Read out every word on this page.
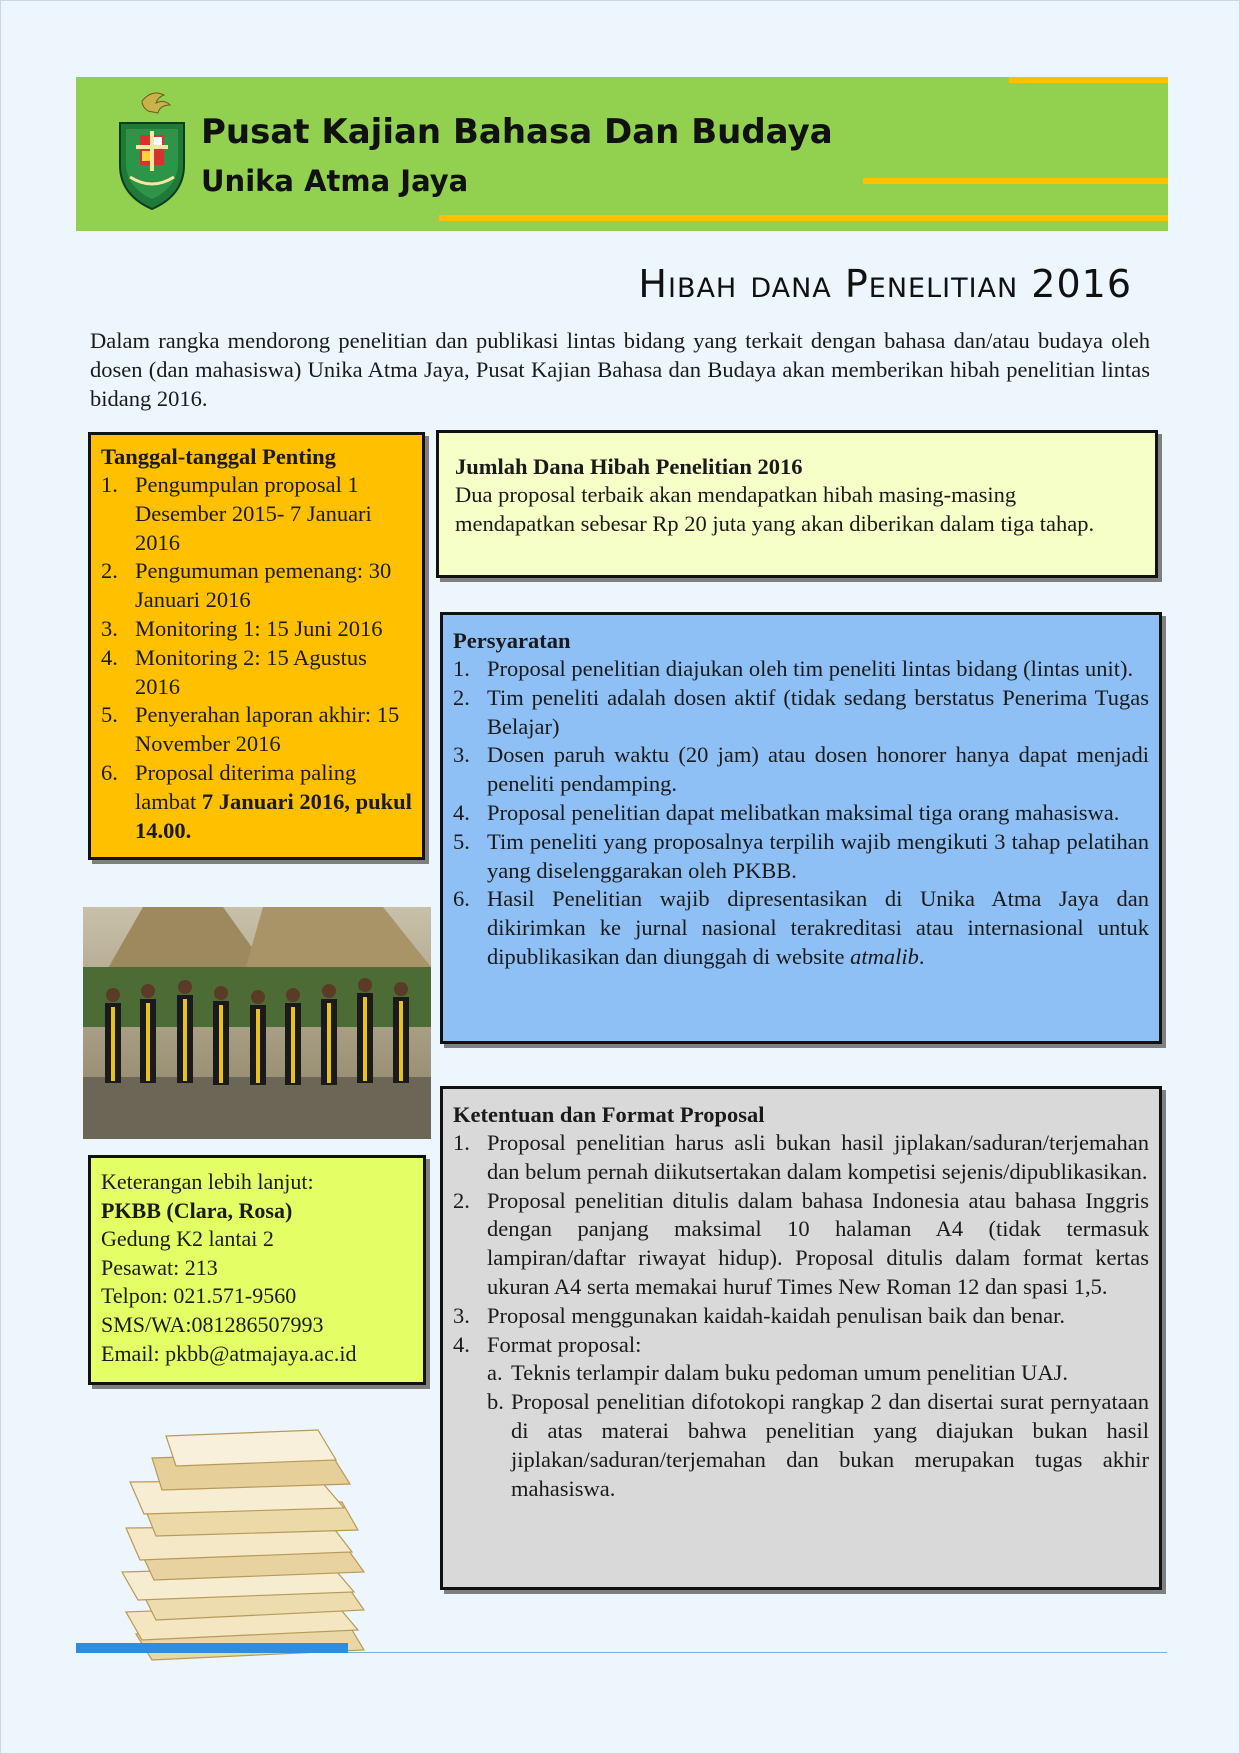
Pusat Kajian Bahasa Dan Budaya
Unika Atma Jaya
Hibah dana Penelitian 2016

Dalam rangka mendorong penelitian dan publikasi lintas bidang yang terkait dengan bahasa dan/atau budaya oleh dosen (dan mahasiswa) Unika Atma Jaya, Pusat Kajian Bahasa dan Budaya akan memberikan hibah penelitian lintas bidang 2016.

Tanggal-tanggal Penting
1. Pengumpulan proposal 1 Desember 2015- 7 Januari 2016
2. Pengumuman pemenang: 30 Januari 2016
3. Monitoring 1: 15 Juni 2016
4. Monitoring 2: 15 Agustus 2016
5. Penyerahan laporan akhir: 15 November 2016
6. Proposal diterima paling lambat 7 Januari 2016, pukul 14.00.
Jumlah Dana Hibah Penelitian 2016

Dua proposal terbaik akan mendapatkan hibah masing-masing mendapatkan sebesar Rp 20 juta yang akan diberikan dalam tiga tahap.

Persyaratan
1. Proposal penelitian diajukan oleh tim peneliti lintas bidang (lintas unit).
2. Tim peneliti adalah dosen aktif (tidak sedang berstatus Penerima Tugas Belajar)
3. Dosen paruh waktu (20 jam) atau dosen honorer hanya dapat menjadi peneliti pendamping.
4. Proposal penelitian dapat melibatkan maksimal tiga orang mahasiswa.
5. Tim peneliti yang proposalnya terpilih wajib mengikuti 3 tahap pelatihan yang diselenggarakan oleh PKBB.
6. Hasil Penelitian wajib dipresentasikan di Unika Atma Jaya dan dikirimkan ke jurnal nasional terakreditasi atau internasional untuk dipublikasikan dan diunggah di website atmalib.
Ketentuan dan Format Proposal
1. Proposal penelitian harus asli bukan hasil jiplakan/saduran/terjemahan dan belum pernah diikutsertakan dalam kompetisi sejenis/dipublikasikan.
2. Proposal penelitian ditulis dalam bahasa Indonesia atau bahasa Inggris dengan panjang maksimal 10 halaman A4 (tidak termasuk lampiran/daftar riwayat hidup). Proposal ditulis dalam format kertas ukuran A4 serta memakai huruf Times New Roman 12 dan spasi 1,5.
3. Proposal menggunakan kaidah-kaidah penulisan baik dan benar.
4. Format proposal:
a. Teknis terlampir dalam buku pedoman umum penelitian UAJ.
b. Proposal penelitian difotokopi rangkap 2 dan disertai surat pernyataan di atas materai bahwa penelitian yang diajukan bukan hasil jiplakan/saduran/terjemahan dan bukan merupakan tugas akhir mahasiswa.
Keterangan lebih lanjut:
PKBB (Clara, Rosa)
Gedung K2 lantai 2
Pesawat: 213
Telpon: 021.571-9560
SMS/WA:081286507993
Email: pkbb@atmajaya.ac.id
